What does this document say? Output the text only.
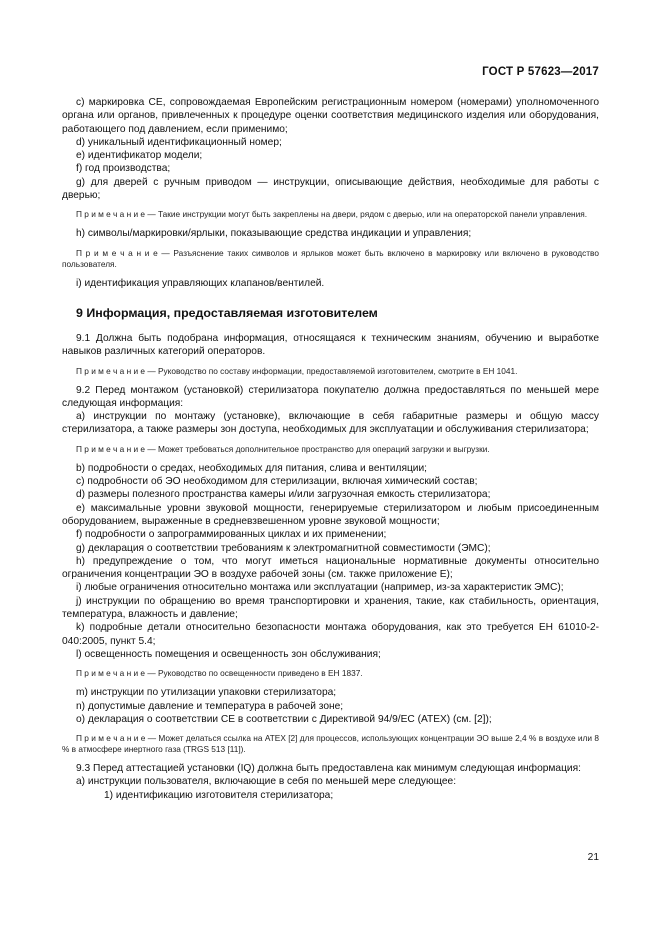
ГОСТ Р 57623—2017

c) маркировка СЕ, сопровождаемая Европейским регистрационным номером (номерами) уполномоченного органа или органов, привлеченных к процедуре оценки соответствия медицинского изделия или оборудования, работающего под давлением, если применимо;

d) уникальный идентификационный номер;

e) идентификатор модели;

f) год производства;

g) для дверей с ручным приводом — инструкции, описывающие действия, необходимые для работы с дверью;

П р и м е ч а н и е — Такие инструкции могут быть закреплены на двери, рядом с дверью, или на операторской панели управления.

h) символы/маркировки/ярлыки, показывающие средства индикации и управления;

П р и м е ч а н и е — Разъяснение таких символов и ярлыков может быть включено в маркировку или включено в руководство пользователя.

i) идентификация управляющих клапанов/вентилей.

9 Информация, предоставляемая изготовителем

9.1 Должна быть подобрана информация, относящаяся к техническим знаниям, обучению и выработке навыков различных категорий операторов.

П р и м е ч а н и е — Руководство по составу информации, предоставляемой изготовителем, смотрите в ЕН 1041.

9.2 Перед монтажом (установкой) стерилизатора покупателю должна предоставляться по меньшей мере следующая информация:

a) инструкции по монтажу (установке), включающие в себя габаритные размеры и общую массу стерилизатора, а также размеры зон доступа, необходимых для эксплуатации и обслуживания стерилизатора;

П р и м е ч а н и е — Может требоваться дополнительное пространство для операций загрузки и выгрузки.

b) подробности о средах, необходимых для питания, слива и вентиляции;

c) подробности об ЭО необходимом для стерилизации, включая химический состав;

d) размеры полезного пространства камеры и/или загрузочная емкость стерилизатора;

e) максимальные уровни звуковой мощности, генерируемые стерилизатором и любым присоединенным оборудованием, выраженные в средневзвешенном уровне звуковой мощности;

f) подробности о запрограммированных циклах и их применении;

g) декларация о соответствии требованиям к электромагнитной совместимости (ЭМС);

h) предупреждение о том, что могут иметься национальные нормативные документы относительно ограничения концентрации ЭО в воздухе рабочей зоны (см. также приложение Е);

i) любые ограничения относительно монтажа или эксплуатации (например, из-за характеристик ЭМС);

j) инструкции по обращению во время транспортировки и хранения, такие, как стабильность, ориентация, температура, влажность и давление;

k) подробные детали относительно безопасности монтажа оборудования, как это требуется ЕН 61010-2-040:2005, пункт 5.4;

l) освещенность помещения и освещенность зон обслуживания;

П р и м е ч а н и е — Руководство по освещенности приведено в ЕН 1837.

m) инструкции по утилизации упаковки стерилизатора;

n) допустимые давление и температура в рабочей зоне;

o) декларация о соответствии СЕ в соответствии с Директивой 94/9/ЕС (АТЕХ) (см. [2]);

П р и м е ч а н и е — Может делаться ссылка на АТЕХ [2] для процессов, использующих концентрации ЭО выше 2,4 % в воздухе или 8 % в атмосфере инертного газа (TRGS 513 [11]).

9.3 Перед аттестацией установки (IQ) должна быть предоставлена как минимум следующая информация:

a) инструкции пользователя, включающие в себя по меньшей мере следующее:

1) идентификацию изготовителя стерилизатора;

21
